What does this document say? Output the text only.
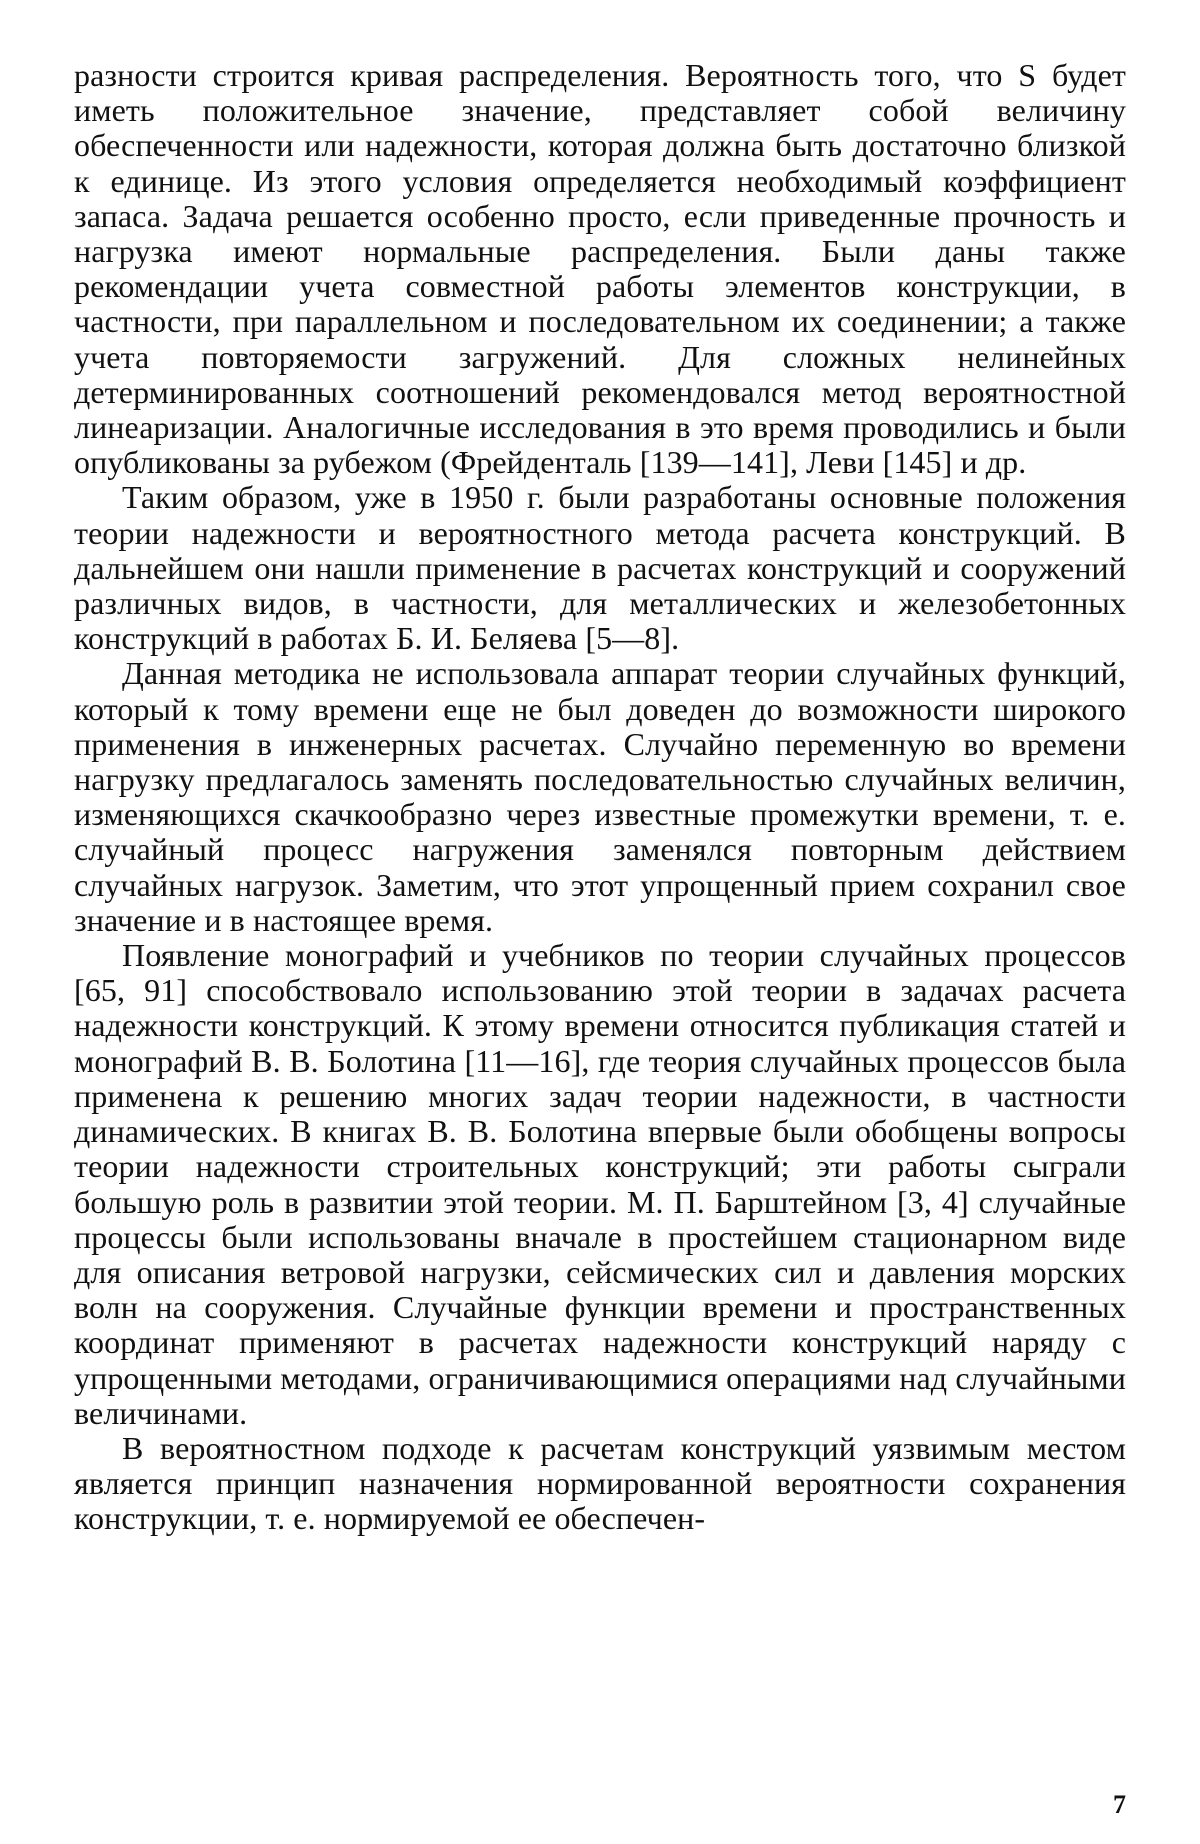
разности строится кривая распределения. Вероятность того, что S будет иметь положительное значение, представляет собой величину обеспеченности или надежности, которая должна быть достаточно близкой к единице. Из этого условия определяется необходимый коэффициент запаса. Задача решается особенно просто, если приведенные прочность и нагрузка имеют нормальные распределения. Были даны также рекомендации учета совместной работы элементов конструкции, в частности, при параллельном и последовательном их соединении; а также учета повторяемости загружений. Для сложных нелинейных детерминированных соотношений рекомендовался метод вероятностной линеаризации. Аналогичные исследования в это время проводились и были опубликованы за рубежом (Фрейденталь [139—141], Леви [145] и др.

Таким образом, уже в 1950 г. были разработаны основные положения теории надежности и вероятностного метода расчета конструкций. В дальнейшем они нашли применение в расчетах конструкций и сооружений различных видов, в частности, для металлических и железобетонных конструкций в работах Б. И. Беляева [5—8].

Данная методика не использовала аппарат теории случайных функций, который к тому времени еще не был доведен до возможности широкого применения в инженерных расчетах. Случайно переменную во времени нагрузку предлагалось заменять последовательностью случайных величин, изменяющихся скачкообразно через известные промежутки времени, т. е. случайный процесс нагружения заменялся повторным действием случайных нагрузок. Заметим, что этот упрощенный прием сохранил свое значение и в настоящее время.

Появление монографий и учебников по теории случайных процессов [65, 91] способствовало использованию этой теории в задачах расчета надежности конструкций. К этому времени относится публикация статей и монографий В. В. Болотина [11—16], где теория случайных процессов была применена к решению многих задач теории надежности, в частности динамических. В книгах В. В. Болотина впервые были обобщены вопросы теории надежности строительных конструкций; эти работы сыграли большую роль в развитии этой теории. М. П. Барштейном [3, 4] случайные процессы были использованы вначале в простейшем стационарном виде для описания ветровой нагрузки, сейсмических сил и давления морских волн на сооружения. Случайные функции времени и пространственных координат применяют в расчетах надежности конструкций наряду с упрощенными методами, ограничивающимися операциями над случайными величинами.

В вероятностном подходе к расчетам конструкций уязвимым местом является принцип назначения нормированной вероятности сохранения конструкции, т. е. нормируемой ее обеспечен-

7
